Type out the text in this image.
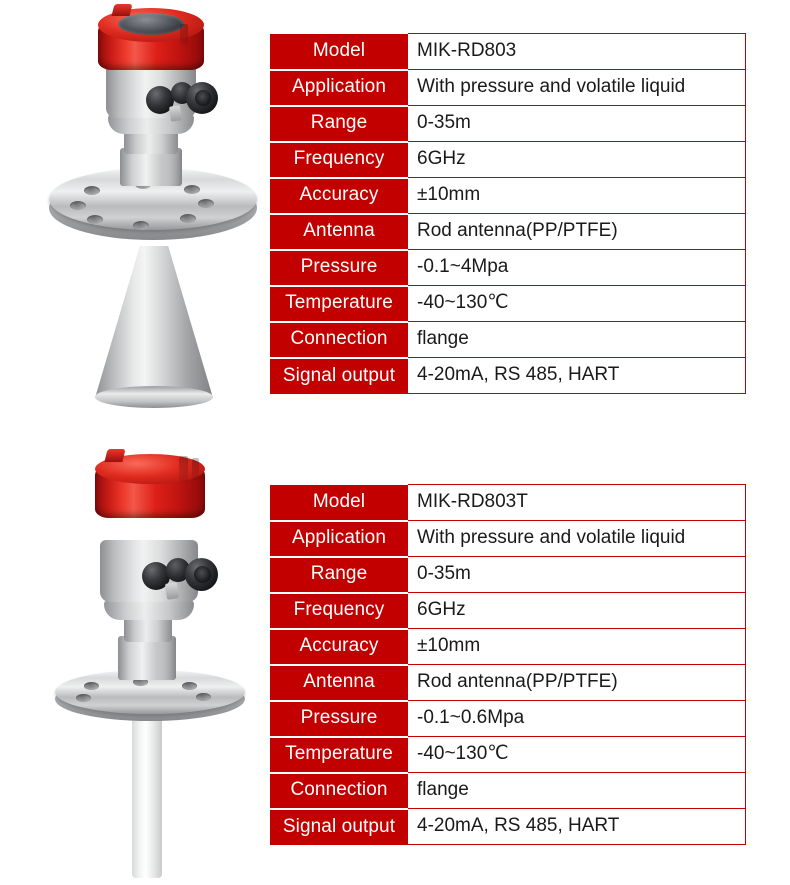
Model	MIK-RD803
Application	With pressure and volatile liquid
Range	0-35m
Frequency	6GHz
Accuracy	±10mm
Antenna	Rod antenna(PP/PTFE)
Pressure	-0.1~4Mpa
Temperature	-40~130℃
Connection	flange
Signal output	4-20mA, RS 485, HART
Model	MIK-RD803T
Application	With pressure and volatile liquid
Range	0-35m
Frequency	6GHz
Accuracy	±10mm
Antenna	Rod antenna(PP/PTFE)
Pressure	-0.1~0.6Mpa
Temperature	-40~130℃
Connection	flange
Signal output	4-20mA, RS 485, HART
